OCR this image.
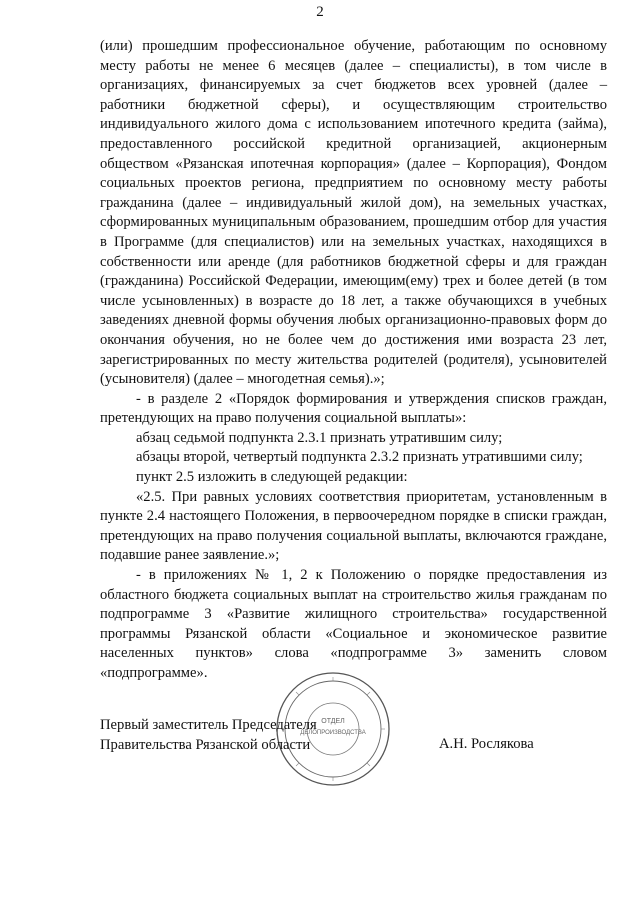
2

(или) прошедшим профессиональное обучение, работающим по основному месту работы не менее 6 месяцев (далее – специалисты), в том числе в организациях, финансируемых за счет бюджетов всех уровней (далее – работники бюджетной сферы), и осуществляющим строительство индивидуального жилого дома с использованием ипотечного кредита (займа), предоставленного российской кредитной организацией, акционерным обществом «Рязанская ипотечная корпорация» (далее – Корпорация), Фондом социальных проектов региона, предприятием по основному месту работы гражданина (далее – индивидуальный жилой дом), на земельных участках, сформированных муниципальным образованием, прошедшим отбор для участия в Программе (для специалистов) или на земельных участках, находящихся в собственности или аренде (для работников бюджетной сферы и для граждан (гражданина) Российской Федерации, имеющим(ему) трех и более детей (в том числе усыновленных) в возрасте до 18 лет, а также обучающихся в учебных заведениях дневной формы обучения любых организационно-правовых форм до окончания обучения, но не более чем до достижения ими возраста 23 лет, зарегистрированных по месту жительства родителей (родителя), усыновителей (усыновителя) (далее – многодетная семья).»;

- в разделе 2 «Порядок формирования и утверждения списков граждан, претендующих на право получения социальной выплаты»:

абзац седьмой подпункта 2.3.1 признать утратившим силу;

абзацы второй, четвертый подпункта 2.3.2 признать утратившими силу;

пункт 2.5 изложить в следующей редакции:

«2.5. При равных условиях соответствия приоритетам, установленным в пункте 2.4 настоящего Положения, в первоочередном порядке в списки граждан, претендующих на право получения социальной выплаты, включаются граждане, подавшие ранее заявление.»;

- в приложениях № 1, 2 к Положению о порядке предоставления из областного бюджета социальных выплат на строительство жилья гражданам по подпрограмме 3 «Развитие жилищного строительства» государственной программы Рязанской области «Социальное и экономическое развитие населенных пунктов» слова «подпрограмме 3» заменить словом «подпрограмме».

ОТДЕЛ
ДЕЛОПРОИЗВОДСТВА
Первый заместитель Председателя
Правительства Рязанской области	А.Н. Рослякова
